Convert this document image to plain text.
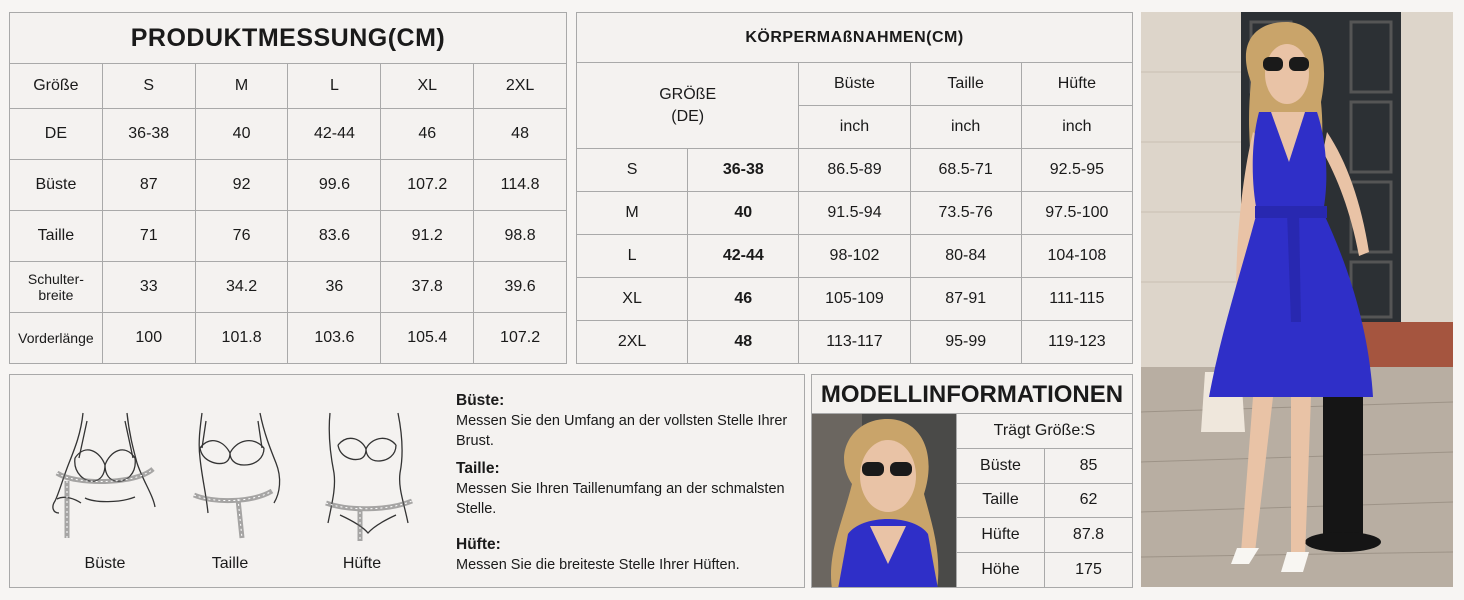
PRODUKTMESSUNG(CM)					
Größe	S	M	L	XL	2XL
DE	36-38	40	42-44	46	48
Büste	87	92	99.6	107.2	114.8
Taille	71	76	83.6	91.2	98.8
Schulter-
breite	33	34.2	36	37.8	39.6
Vorderlänge	100	101.8	103.6	105.4	107.2
KÖRPERMAßNAHMEN(CM)				
GRÖßE
(DE)		Büste	Taille	Hüfte
		inch	inch	inch
S	36-38	86.5-89	68.5-71	92.5-95
M	40	91.5-94	73.5-76	97.5-100
L	42-44	98-102	80-84	104-108
XL	46	105-109	87-91	111-115
2XL	48	113-117	95-99	119-123
Büste	Taille	Hüfte
Büste:
Messen Sie den Umfang an der vollsten Stelle Ihrer Brust.
Taille:
Messen Sie Ihren Taillenumfang an der schmalsten Stelle.
Hüfte:
Messen Sie die breiteste Stelle Ihrer Hüften.
MODELLINFORMATIONEN
Trägt Größe:S	
Büste	85
Taille	62
Hüfte	87.8
Höhe	175
